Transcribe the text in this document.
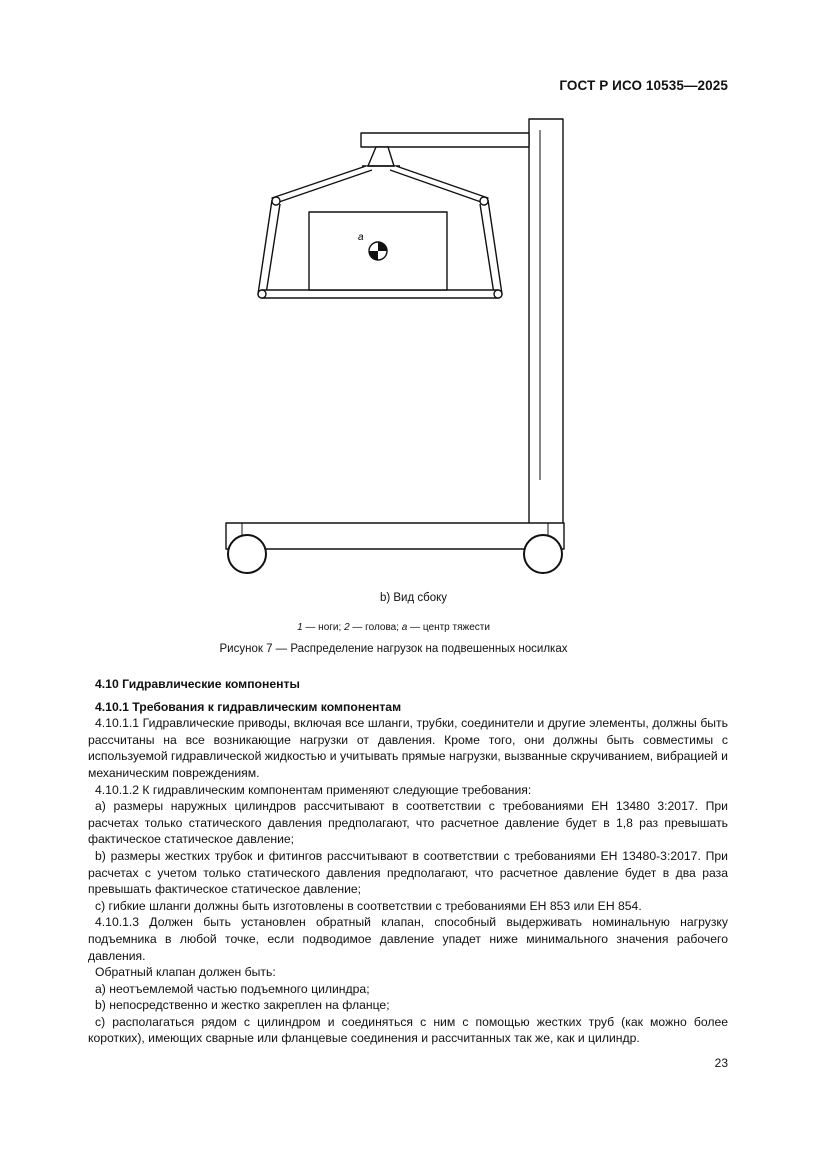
ГОСТ Р ИСО 10535—2025
a
b) Вид сбоку
1 — ноги; 2 — голова; a — центр тяжести
Рисунок 7 — Распределение нагрузок на подвешенных носилках

4.10 Гидравлические компоненты

4.10.1 Требования к гидравлическим компонентам

4.10.1.1 Гидравлические приводы, включая все шланги, трубки, соединители и другие элементы, должны быть рассчитаны на все возникающие нагрузки от давления. Кроме того, они должны быть совместимы с используемой гидравлической жидкостью и учитывать прямые нагрузки, вызванные скручиванием, вибрацией и механическим повреждениям.

4.10.1.2 К гидравлическим компонентам применяют следующие требования:

a) размеры наружных цилиндров рассчитывают в соответствии с требованиями ЕН 13480 3:2017. При расчетах только статического давления предполагают, что расчетное давление будет в 1,8 раз превышать фактическое статическое давление;

b) размеры жестких трубок и фитингов рассчитывают в соответствии с требованиями ЕН 13480-3:2017. При расчетах с учетом только статического давления предполагают, что расчетное давление будет в два раза превышать фактическое статическое давление;

c) гибкие шланги должны быть изготовлены в соответствии с требованиями ЕН 853 или ЕН 854.

4.10.1.3 Должен быть установлен обратный клапан, способный выдерживать номинальную нагрузку подъемника в любой точке, если подводимое давление упадет ниже минимального значения рабочего давления.

Обратный клапан должен быть:

a) неотъемлемой частью подъемного цилиндра;

b) непосредственно и жестко закреплен на фланце;

c) располагаться рядом с цилиндром и соединяться с ним с помощью жестких труб (как можно более коротких), имеющих сварные или фланцевые соединения и рассчитанных так же, как и цилиндр.

23
